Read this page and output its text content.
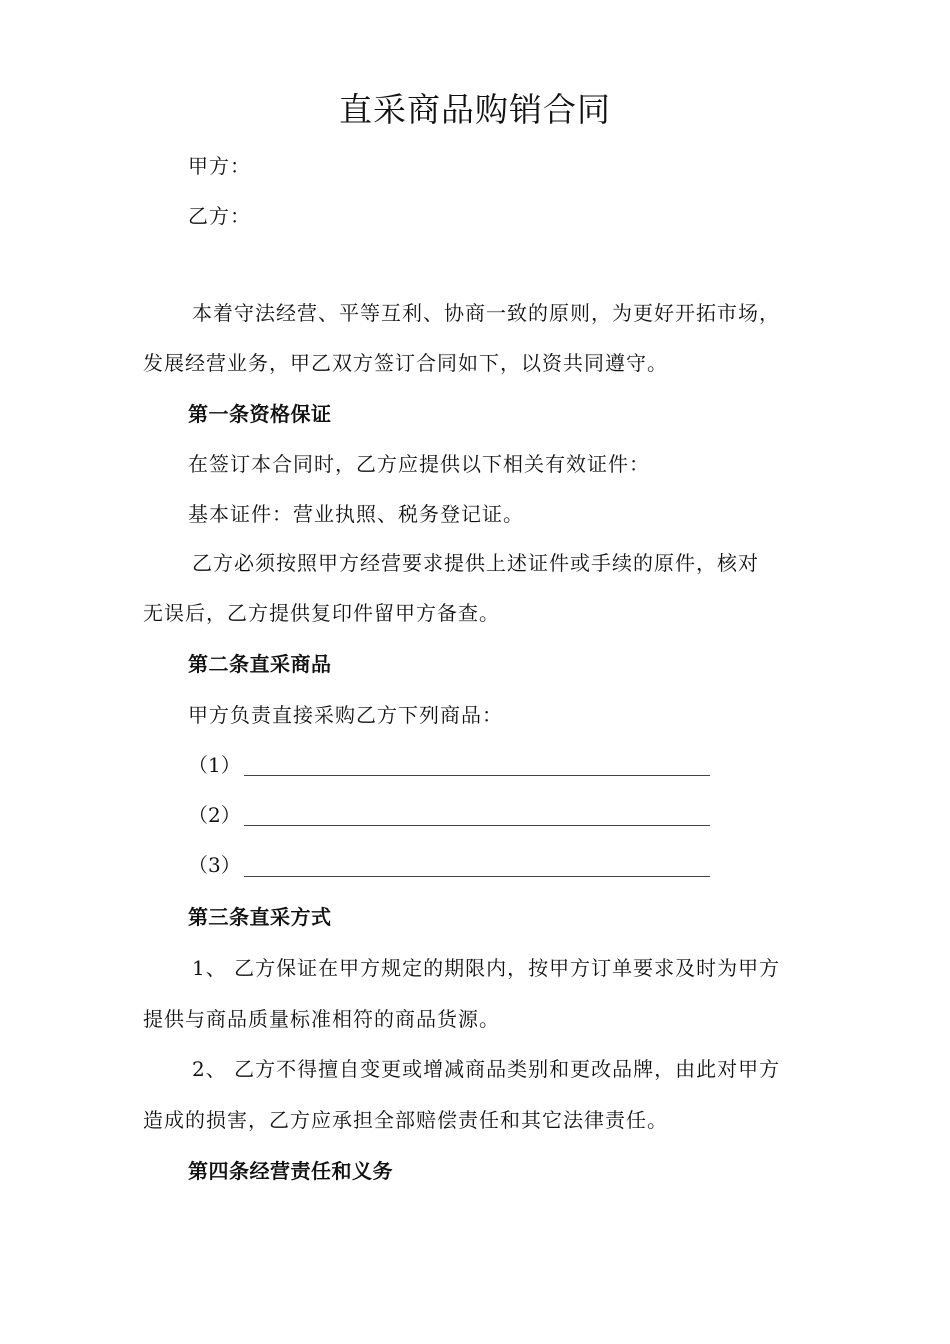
直采商品购销合同
甲方：
乙方：
本着守法经营、平等互利、协商一致的原则，为更好开拓市场，
发展经营业务，甲乙双方签订合同如下，以资共同遵守。
第一条资格保证
在签订本合同时，乙方应提供以下相关有效证件：
基本证件：营业执照、税务登记证。
乙方必须按照甲方经营要求提供上述证件或手续的原件，核对
无误后，乙方提供复印件留甲方备查。
第二条直采商品
甲方负责直接采购乙方下列商品：
（1）
（2）
（3）
第三条直采方式
1、 乙方保证在甲方规定的期限内，按甲方订单要求及时为甲方
提供与商品质量标准相符的商品货源。
2、 乙方不得擅自变更或增减商品类别和更改品牌，由此对甲方
造成的损害，乙方应承担全部赔偿责任和其它法律责任。
第四条经营责任和义务
